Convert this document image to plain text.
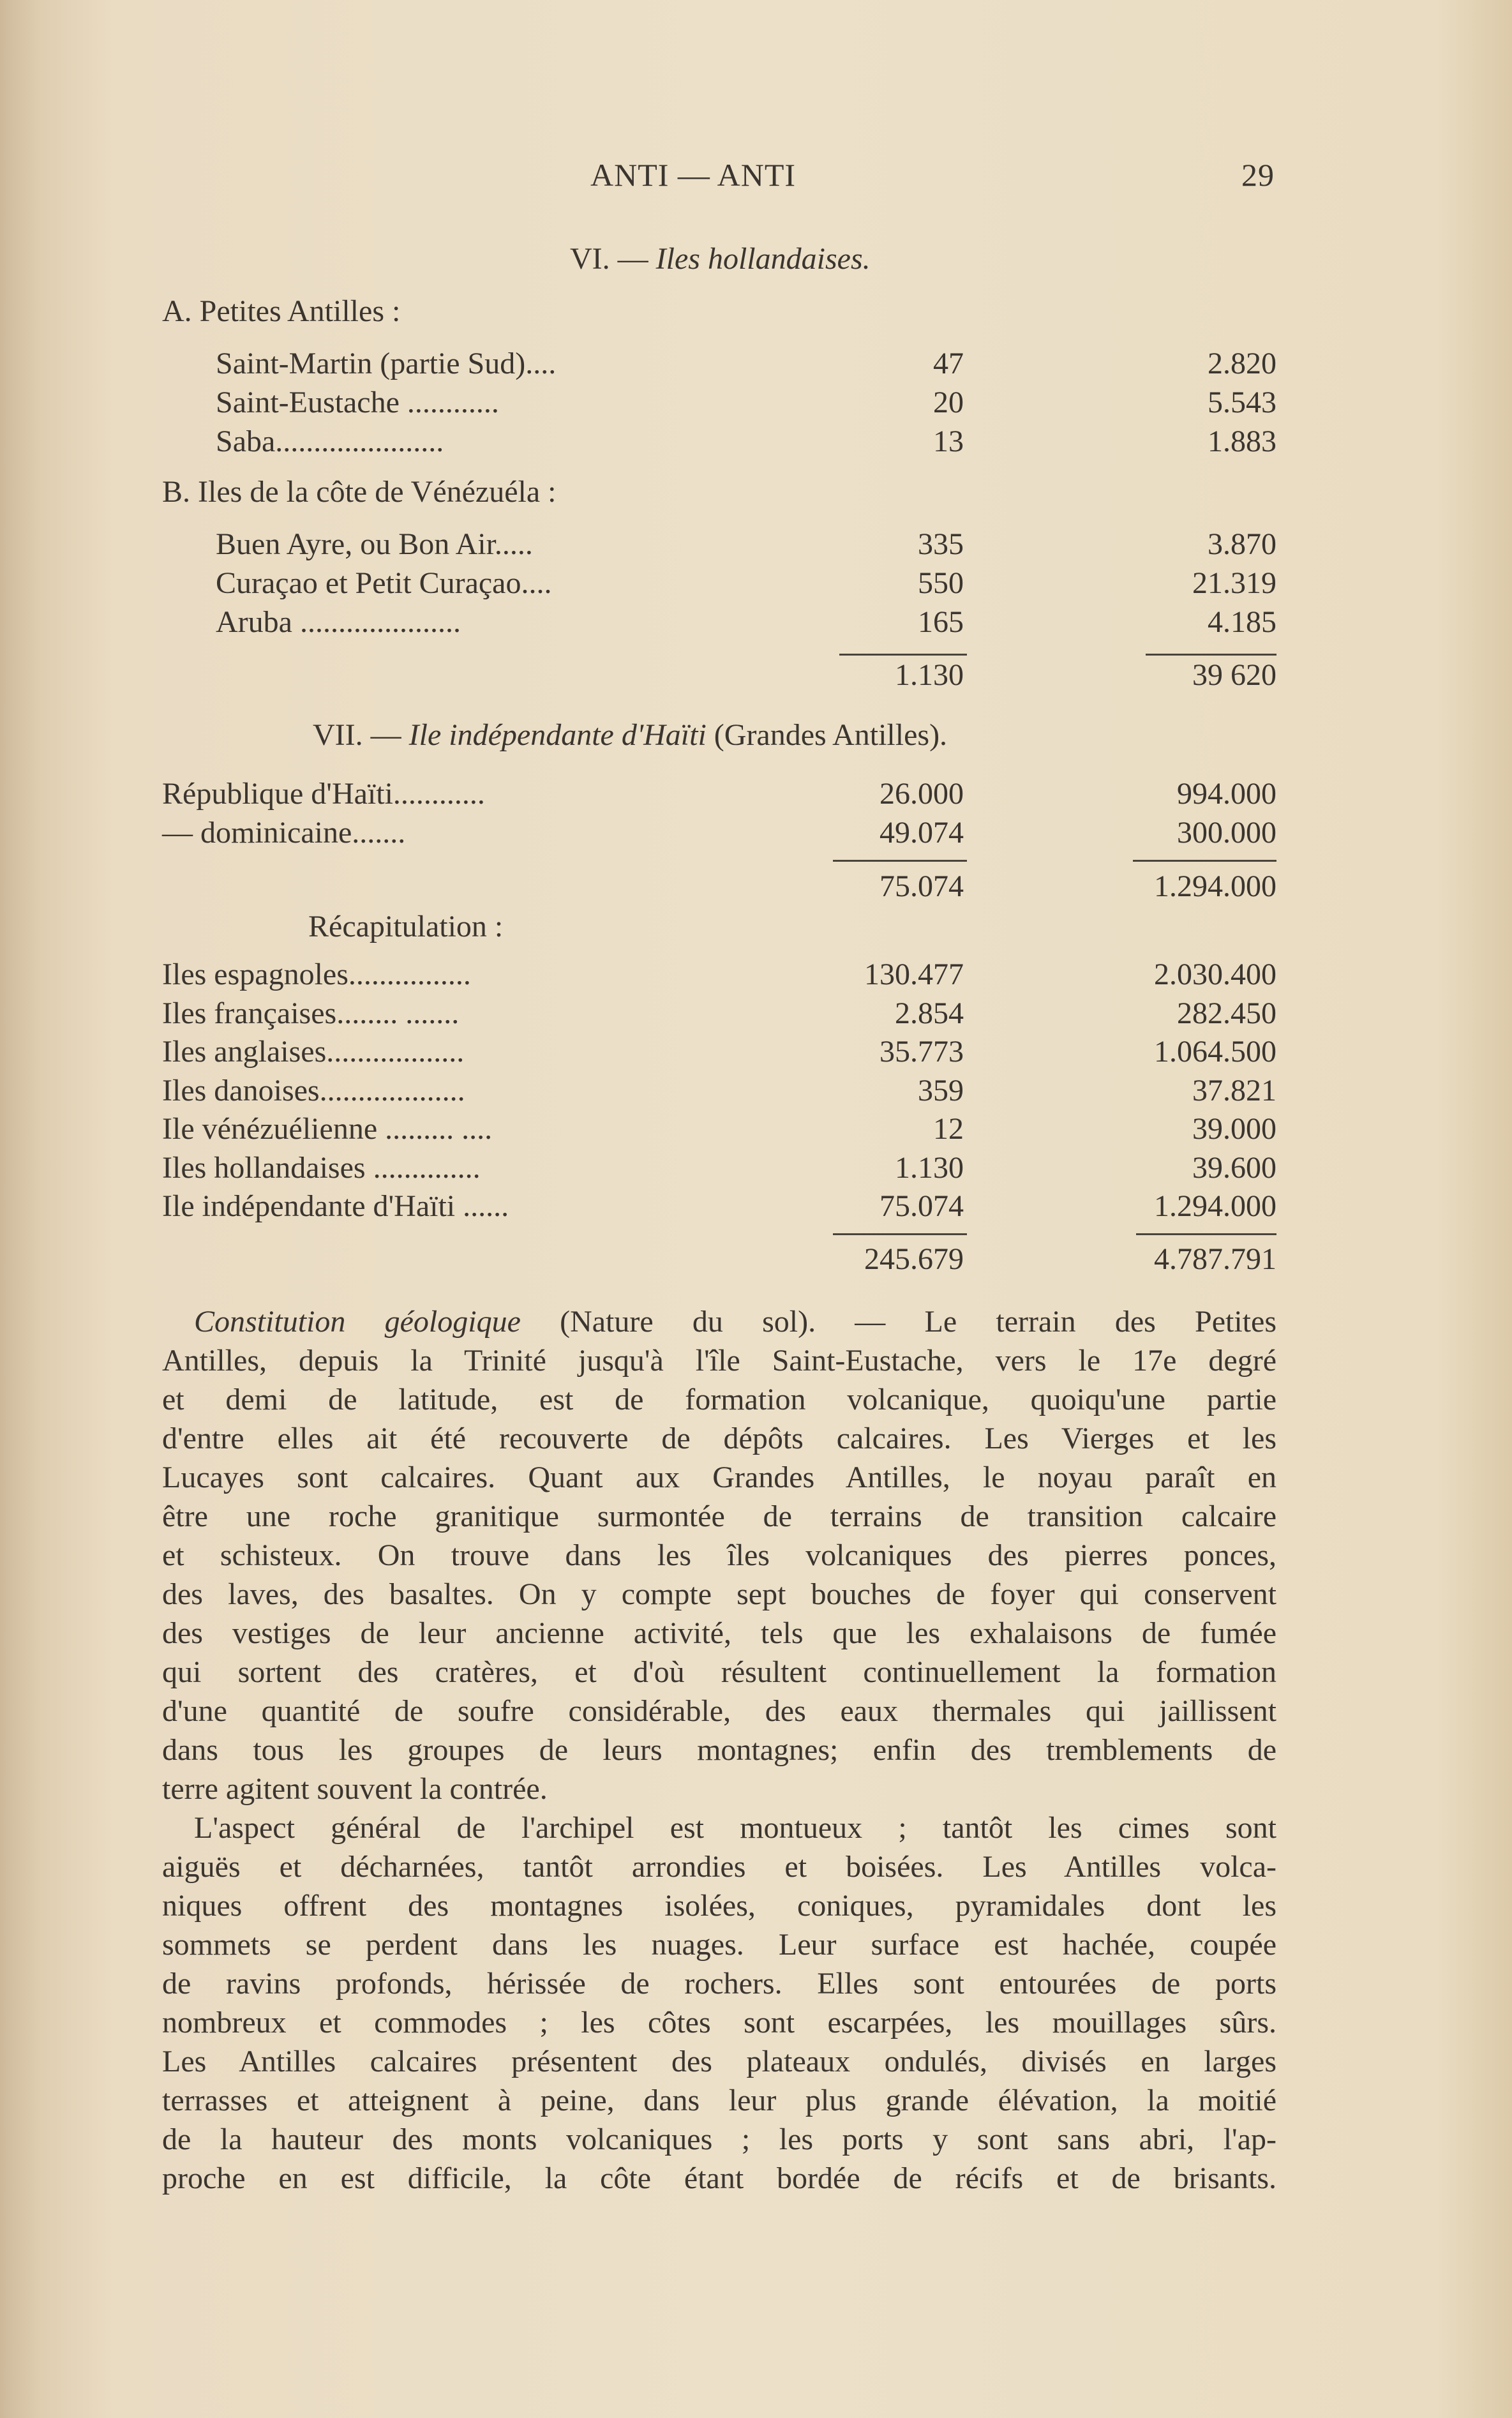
ANTI — ANTI	29
VI. — Iles hollandaises.
A. Petites Antilles :
Saint-Martin (partie Sud)....	47	2.820
Saint-Eustache ............	20	5.543
Saba......................	13	1.883
B. Iles de la côte de Vénézuéla :
Buen Ayre, ou Bon Air.....	335	3.870
Curaçao et Petit Curaçao....	550	21.319
Aruba .....................	165	4.185
1.130	39 620
VII. — Ile indépendante d'Haïti (Grandes Antilles).
République d'Haïti............	26.000	994.000
— dominicaine.......	49.074	300.000
75.074	1.294.000
Récapitulation :
Iles espagnoles................	130.477	2.030.400
Iles françaises........ .......	2.854	282.450
Iles anglaises..................	35.773	1.064.500
Iles danoises...................	359	37.821
Ile vénézuélienne ......... ....	12	39.000
Iles hollandaises ..............	1.130	39.600
Ile indépendante d'Haïti ......	75.074	1.294.000
245.679	4.787.791
Constitution géologique (Nature du sol). — Le terrain des Petites
Antilles, depuis la Trinité jusqu'à l'île Saint-Eustache, vers le 17e degré
et demi de latitude, est de formation volcanique, quoiqu'une partie
d'entre elles ait été recouverte de dépôts calcaires. Les Vierges et les
Lucayes sont calcaires. Quant aux Grandes Antilles, le noyau paraît en
être une roche granitique surmontée de terrains de transition calcaire
et schisteux. On trouve dans les îles volcaniques des pierres ponces,
des laves, des basaltes. On y compte sept bouches de foyer qui conservent
des vestiges de leur ancienne activité, tels que les exhalaisons de fumée
qui sortent des cratères, et d'où résultent continuellement la formation
d'une quantité de soufre considérable, des eaux thermales qui jaillissent
dans tous les groupes de leurs montagnes; enfin des tremblements de
terre agitent souvent la contrée.
L'aspect général de l'archipel est montueux ; tantôt les cimes sont
aiguës et décharnées, tantôt arrondies et boisées. Les Antilles volca-
niques offrent des montagnes isolées, coniques, pyramidales dont les
sommets se perdent dans les nuages. Leur surface est hachée, coupée
de ravins profonds, hérissée de rochers. Elles sont entourées de ports
nombreux et commodes ; les côtes sont escarpées, les mouillages sûrs.
Les Antilles calcaires présentent des plateaux ondulés, divisés en larges
terrasses et atteignent à peine, dans leur plus grande élévation, la moitié
de la hauteur des monts volcaniques ; les ports y sont sans abri, l'ap-
proche en est difficile, la côte étant bordée de récifs et de brisants.
